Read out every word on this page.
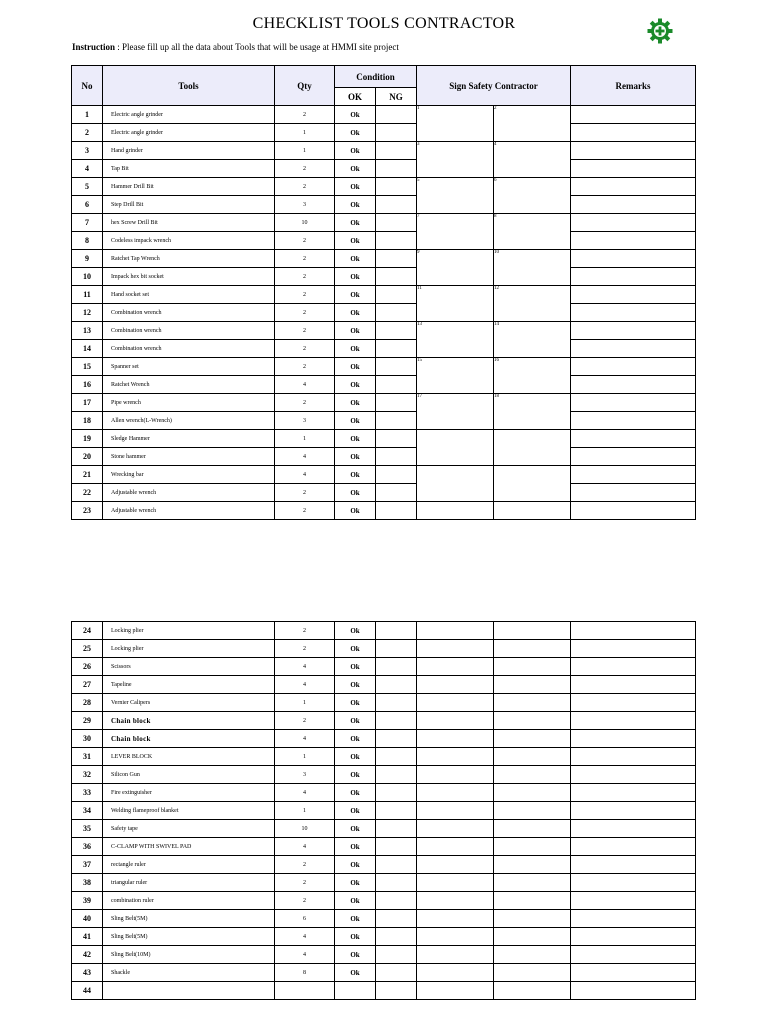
CHECKLIST TOOLS CONTRACTOR
Instruction : Please fill up all the data about Tools that will be usage at HMMI site project
No	Tools	Qty	Condition		Sign Safety Contractor		Remarks
			OK	NG			
1	Electric angle grinder	2	Ok		1	2	

2	Electric angle grinder	1	Ok				
3	Hand grinder	1	Ok		3	4	

4	Tap Bit	2	Ok				
5	Hammer Drill Bit	2	Ok		5	6	

6	Step Drill Bit	3	Ok				
7	hex Screw Drill Bit	10	Ok		7	8	

8	Codeless impack wrench	2	Ok				
9	Ratchet Tap Wrench	2	Ok		9	10	

10	Impack hex bit socket	2	Ok				
11	Hand socket set	2	Ok		11	12	

12	Combination wrench	2	Ok				
13	Combination wrench	2	Ok		13	14	

14	Combination wrench	2	Ok				
15	Spanner set	2	Ok		15	16	

16	Ratchet Wrench	4	Ok				
17	Pipe wrench	2	Ok		17	18	

18	Allen wrench(L-Wrench)	3	Ok				
19	Sledge Hammer	1	Ok		

20	Stone hammer	4	Ok				
21	Wrecking bar	4	Ok		

22	Adjustable wrench	2	Ok				
23	Adjustable wrench	2	Ok		

24	Locking plier	2	Ok				
25	Locking plier	2	Ok				
26	Scissors	4	Ok				
27	Tapeline	4	Ok				
28	Vernier Calipers	1	Ok				
29	Chain block	2	Ok				
30	Chain block	4	Ok				
31	LEVER BLOCK	1	Ok				
32	Silicon Gun	3	Ok				
33	Fire extinguisher	4	Ok				
34	Welding flameproof blanket	1	Ok				
35	Safety tape	10	Ok				
36	C-CLAMP WITH SWIVEL PAD	4	Ok				
37	rectangle ruler	2	Ok				
38	triangular ruler	2	Ok				
39	combination ruler	2	Ok				
40	Sling Belt(5M)	6	Ok				
41	Sling Belt(5M)	4	Ok				
42	Sling Belt(10M)	4	Ok				
43	Shackle	8	Ok				
44							
